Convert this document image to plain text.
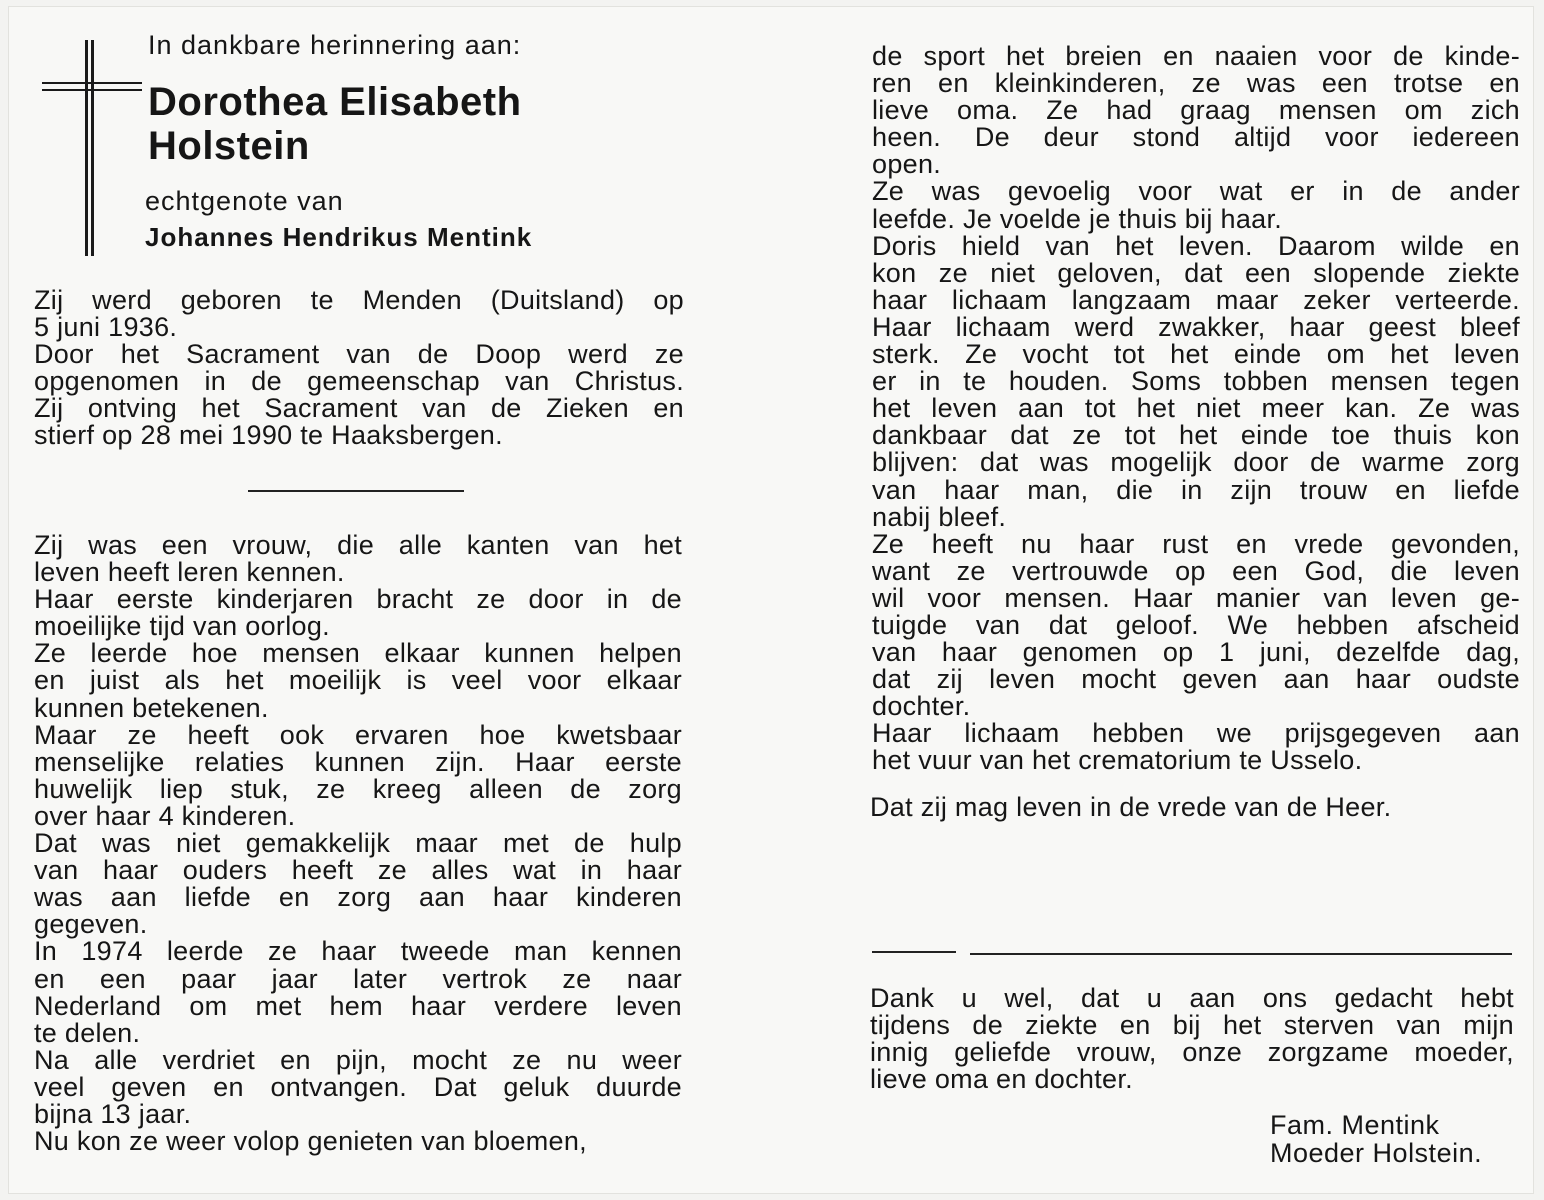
In dankbare herinnering aan:

Dorothea Elisabeth

Holstein

echtgenote van

Johannes Hendrikus Mentink

Zij werd geboren te Menden (Duitsland) op
5 juni 1936.
Door het Sacrament van de Doop werd ze
opgenomen in de gemeenschap van Christus.
Zij ontving het Sacrament van de Zieken en
stierf op 28 mei 1990 te Haaksbergen.
Zij was een vrouw, die alle kanten van het
leven heeft leren kennen.
Haar eerste kinderjaren bracht ze door in de
moeilijke tijd van oorlog.
Ze leerde hoe mensen elkaar kunnen helpen
en juist als het moeilijk is veel voor elkaar
kunnen betekenen.
Maar ze heeft ook ervaren hoe kwetsbaar
menselijke relaties kunnen zijn. Haar eerste
huwelijk liep stuk, ze kreeg alleen de zorg
over haar 4 kinderen.
Dat was niet gemakkelijk maar met de hulp
van haar ouders heeft ze alles wat in haar
was aan liefde en zorg aan haar kinderen
gegeven.
In 1974 leerde ze haar tweede man kennen
en een paar jaar later vertrok ze naar
Nederland om met hem haar verdere leven
te delen.
Na alle verdriet en pijn, mocht ze nu weer
veel geven en ontvangen. Dat geluk duurde
bijna 13 jaar.
Nu kon ze weer volop genieten van bloemen,
de sport het breien en naaien voor de kinde-
ren en kleinkinderen, ze was een trotse en
lieve oma. Ze had graag mensen om zich
heen. De deur stond altijd voor iedereen
open.
Ze was gevoelig voor wat er in de ander
leefde. Je voelde je thuis bij haar.
Doris hield van het leven. Daarom wilde en
kon ze niet geloven, dat een slopende ziekte
haar lichaam langzaam maar zeker verteerde.
Haar lichaam werd zwakker, haar geest bleef
sterk. Ze vocht tot het einde om het leven
er in te houden. Soms tobben mensen tegen
het leven aan tot het niet meer kan. Ze was
dankbaar dat ze tot het einde toe thuis kon
blijven: dat was mogelijk door de warme zorg
van haar man, die in zijn trouw en liefde
nabij bleef.
Ze heeft nu haar rust en vrede gevonden,
want ze vertrouwde op een God, die leven
wil voor mensen. Haar manier van leven ge-
tuigde van dat geloof. We hebben afscheid
van haar genomen op 1 juni, dezelfde dag,
dat zij leven mocht geven aan haar oudste
dochter.
Haar lichaam hebben we prijsgegeven aan
het vuur van het crematorium te Usselo.

Dat zij mag leven in de vrede van de Heer.

Dank u wel, dat u aan ons gedacht hebt
tijdens de ziekte en bij het sterven van mijn
innig geliefde vrouw, onze zorgzame moeder,
lieve oma en dochter.

Fam. Mentink

Moeder Holstein.
